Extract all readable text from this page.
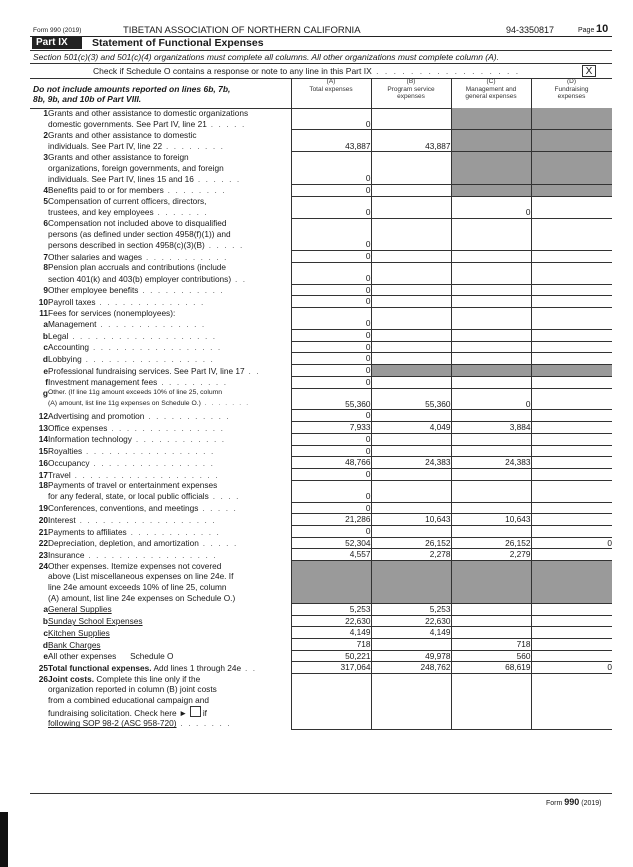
Form 990 (2019)	TIBETAN ASSOCIATION OF NORTHERN CALIFORNIA	94-3350817	Page 10
Part IX	Statement of Functional Expenses
Section 501(c)(3) and 501(c)(4) organizations must complete all columns. All other organizations must complete column (A).
Check if Schedule O contains a response or note to any line in this Part IX . . . . . . . . . . . . . . . . .	X
Do not include amounts reported on lines 6b, 7b,
8b, 9b, and 10b of Part VIII.
(A)
Total expenses
(B)
Program service
expenses
(C)
Management and
general expenses
(D)
Fundraising
expenses
1	Grants and other assistance to domestic organizations				
	domestic governments. See Part IV, line 21 . . . . .	0			
2	Grants and other assistance to domestic				
	individuals. See Part IV, line 22 . . . . . . . .	43,887	43,887		
3	Grants and other assistance to foreign				
	organizations, foreign governments, and foreign				
	individuals. See Part IV, lines 15 and 16 . . . . . .	0			
4	Benefits paid to or for members . . . . . . . .	0			
5	Compensation of current officers, directors,				
	trustees, and key employees . . . . . . .	0		0	
6	Compensation not included above to disqualified				
	persons (as defined under section 4958(f)(1)) and				
	persons described in section 4958(c)(3)(B) . . . . .	0			
7	Other salaries and wages . . . . . . . . . . .	0			
8	Pension plan accruals and contributions (include				
	section 401(k) and 403(b) employer contributions) . .	0			
9	Other employee benefits . . . . . . . . . . .	0			
10	Payroll taxes . . . . . . . . . . . . . .	0			
11	Fees for services (nonemployees):				
a	Management . . . . . . . . . . . . . .	0			
b	Legal . . . . . . . . . . . . . . . . . . .	0			
c	Accounting . . . . . . . . . . . . . . . . .	0			
d	Lobbying . . . . . . . . . . . . . . . . .	0			
e	Professional fundraising services. See Part IV, line 17 . .	0			
f	Investment management fees . . . . . . . . .	0			
g	Other. (If line 11g amount exceeds 10% of line 25, column				
	(A) amount, list line 11g expenses on Schedule O.) . . . . . . .	55,360	55,360	0	
12	Advertising and promotion . . . . . . . . . . .	0			
13	Office expenses . . . . . . . . . . . . . . .	7,933	4,049	3,884	
14	Information technology . . . . . . . . . . . .	0			
15	Royalties . . . . . . . . . . . . . . . . .	0			
16	Occupancy . . . . . . . . . . . . . . . .	48,766	24,383	24,383	
17	Travel . . . . . . . . . . . . . . . . . . .	0			
18	Payments of travel or entertainment expenses				
	for any federal, state, or local public officials . . . .	0			
19	Conferences, conventions, and meetings . . . . .	0			
20	Interest . . . . . . . . . . . . . . . . . .	21,286	10,643	10,643	
21	Payments to affiliates . . . . . . . . . . . .	0			
22	Depreciation, depletion, and amortization . . . . .	52,304	26,152	26,152	0
23	Insurance . . . . . . . . . . . . . . . . .	4,557	2,278	2,279	
24	Other expenses. Itemize expenses not covered				
	above (List miscellaneous expenses on line 24e. If				
	line 24e amount exceeds 10% of line 25, column				
	(A) amount, list line 24e expenses on Schedule O.)				
a	General Supplies	5,253	5,253		
b	Sunday School Expenses	22,630	22,630		
c	Kitchen Supplies	4,149	4,149		
d	Bank Charges	718		718	
e	All other expenses Schedule O	50,221	49,978	560	
25	Total functional expenses. Add lines 1 through 24e . .	317,064	248,762	68,619	0
26	Joint costs. Complete this line only if the				
	organization reported in column (B) joint costs				
	from a combined educational campaign and				
	fundraising solicitation. Check here ► if				
	following SOP 98-2 (ASC 958-720) . . . . . . .				
Form 990 (2019)
